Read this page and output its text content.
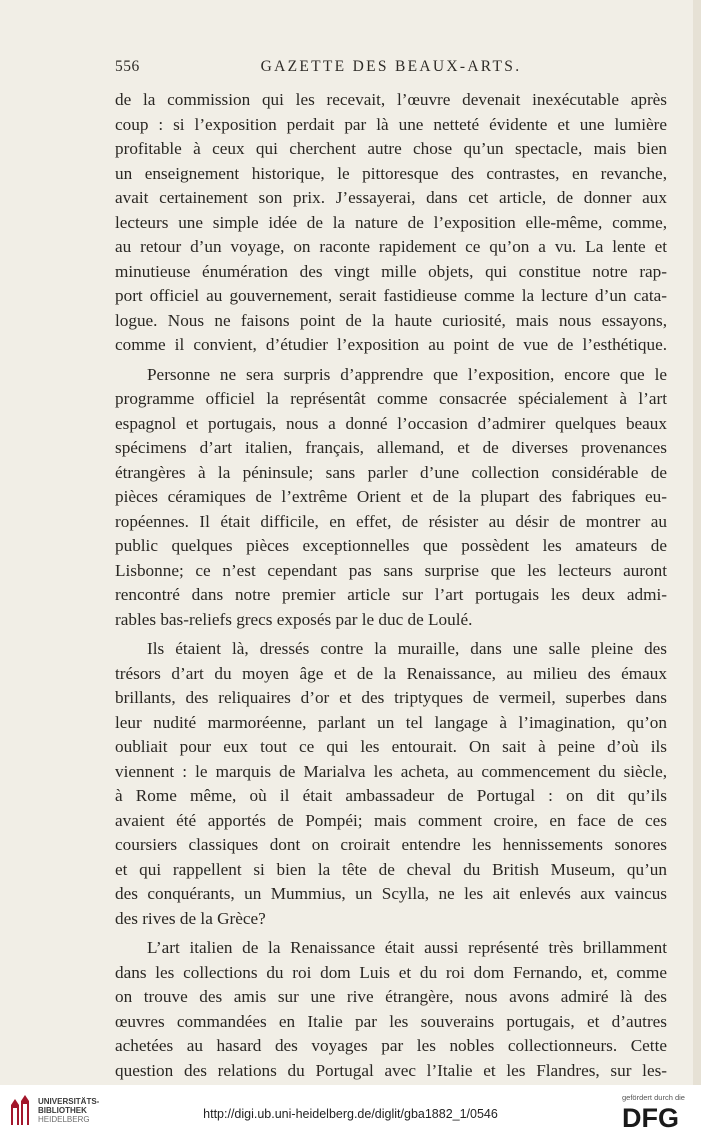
556	GAZETTE DES BEAUX-ARTS.
de la commission qui les recevait, l’œuvre devenait inexécutable après
coup : si l’exposition perdait par là une netteté évidente et une lumière
profitable à ceux qui cherchent autre chose qu’un spectacle, mais bien
un enseignement historique, le pittoresque des contrastes, en revanche,
avait certainement son prix. J’essayerai, dans cet article, de donner aux
lecteurs une simple idée de la nature de l’exposition elle-même, comme,
au retour d’un voyage, on raconte rapidement ce qu’on a vu. La lente et
minutieuse énumération des vingt mille objets, qui constitue notre rap-
port officiel au gouvernement, serait fastidieuse comme la lecture d’un cata-
logue. Nous ne faisons point de la haute curiosité, mais nous essayons,
comme il convient, d’étudier l’exposition au point de vue de l’esthétique.
Personne ne sera surpris d’apprendre que l’exposition, encore que le
programme officiel la représentât comme consacrée spécialement à l’art
espagnol et portugais, nous a donné l’occasion d’admirer quelques beaux
spécimens d’art italien, français, allemand, et de diverses provenances
étrangères à la péninsule; sans parler d’une collection considérable de
pièces céramiques de l’extrême Orient et de la plupart des fabriques eu-
ropéennes. Il était difficile, en effet, de résister au désir de montrer au
public quelques pièces exceptionnelles que possèdent les amateurs de
Lisbonne; ce n’est cependant pas sans surprise que les lecteurs auront
rencontré dans notre premier article sur l’art portugais les deux admi-
rables bas-reliefs grecs exposés par le duc de Loulé.
Ils étaient là, dressés contre la muraille, dans une salle pleine des
trésors d’art du moyen âge et de la Renaissance, au milieu des émaux
brillants, des reliquaires d’or et des triptyques de vermeil, superbes dans
leur nudité marmoréenne, parlant un tel langage à l’imagination, qu’on
oubliait pour eux tout ce qui les entourait. On sait à peine d’où ils
viennent : le marquis de Marialva les acheta, au commencement du siècle,
à Rome même, où il était ambassadeur de Portugal : on dit qu’ils
avaient été apportés de Pompéi; mais comment croire, en face de ces
coursiers classiques dont on croirait entendre les hennissements sonores
et qui rappellent si bien la tête de cheval du British Museum, qu’un
des conquérants, un Mummius, un Scylla, ne les ait enlevés aux vaincus
des rives de la Grèce?
L’art italien de la Renaissance était aussi représenté très brillamment
dans les collections du roi dom Luis et du roi dom Fernando, et, comme
on trouve des amis sur une rive étrangère, nous avons admiré là des
œuvres commandées en Italie par les souverains portugais, et d’autres
achetées au hasard des voyages par les nobles collectionneurs. Cette
question des relations du Portugal avec l’Italie et les Flandres, sur les-
UNIVERSITÄTS-
BIBLIOTHEK
HEIDELBERG	http://digi.ub.uni-heidelberg.de/diglit/gba1882_1/0546
gefördert durch die
DFG
